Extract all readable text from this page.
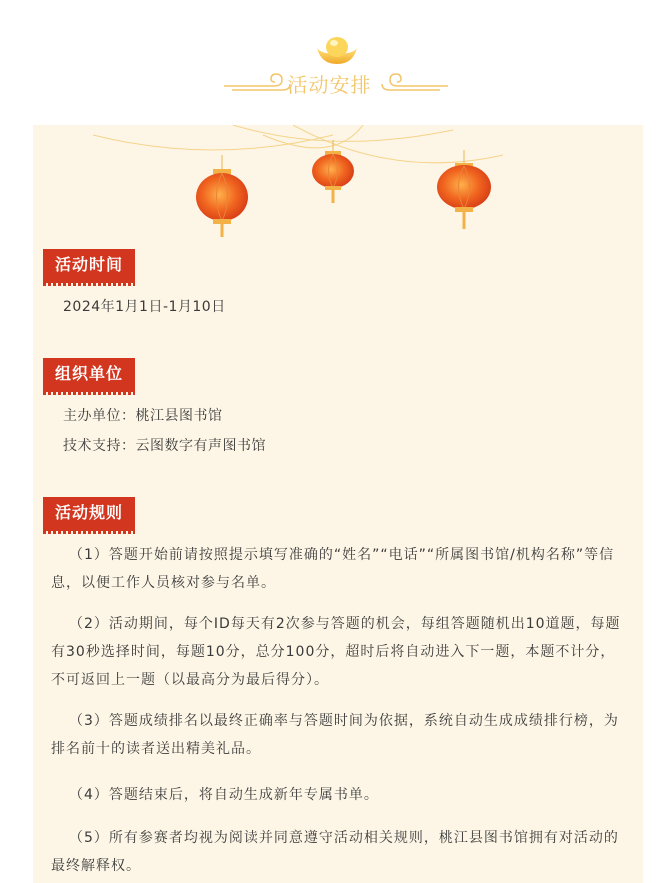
活动安排
活动时间
2024年1月1日-1月10日
组织单位
主办单位：桃江县图书馆
技术支持：云图数字有声图书馆
活动规则
（1）答题开始前请按照提示填写准确的“姓名”“电话”“所属图书馆/机构名称”等信息，以便工作人员核对参与名单。
（2）活动期间，每个ID每天有2次参与答题的机会，每组答题随机出10道题，每题有30秒选择时间，每题10分，总分100分，超时后将自动进入下一题，本题不计分，不可返回上一题（以最高分为最后得分）。
（3）答题成绩排名以最终正确率与答题时间为依据，系统自动生成成绩排行榜，为排名前十的读者送出精美礼品。
（4）答题结束后，将自动生成新年专属书单。
（5）所有参赛者均视为阅读并同意遵守活动相关规则，桃江县图书馆拥有对活动的最终解释权。
